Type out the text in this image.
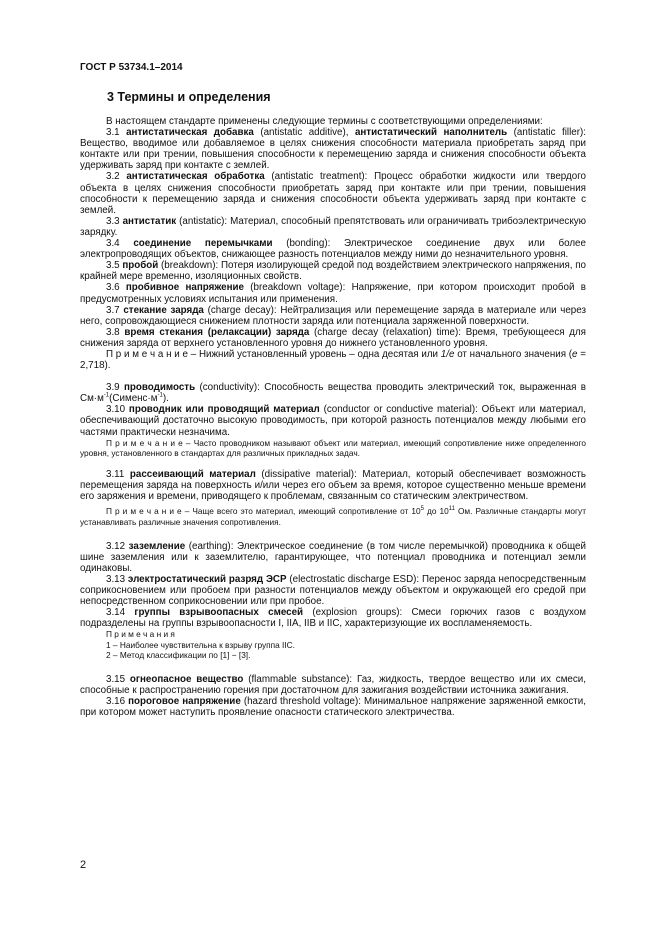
ГОСТ Р 53734.1–2014
3 Термины и определения

В настоящем стандарте применены следующие термины с соответствующими определениями:

3.1 антистатическая добавка (antistatic additive), антистатический наполнитель (antistatic filler): Вещество, вводимое или добавляемое в целях снижения способности материала приобретать заряд при контакте или при трении, повышения способности к перемещению заряда и снижения способности объекта удерживать заряд при контакте с землей.

3.2 антистатическая обработка (antistatic treatment): Процесс обработки жидкости или твердого объекта в целях снижения способности приобретать заряд при контакте или при трении, повышения способности к перемещению заряда и снижения способности объекта удерживать заряд при контакте с землей.

3.3 антистатик (antistatic): Материал, способный препятствовать или ограничивать трибоэлектрическую зарядку.

3.4 соединение перемычками (bonding): Электрическое соединение двух или более электропроводящих объектов, снижающее разность потенциалов между ними до незначительного уровня.

3.5 пробой (breakdown): Потеря изолирующей средой под воздействием электрического напряжения, по крайней мере временно, изоляционных свойств.

3.6 пробивное напряжение (breakdown voltage): Напряжение, при котором происходит пробой в предусмотренных условиях испытания или применения.

3.7 стекание заряда (charge decay): Нейтрализация или перемещение заряда в материале или через него, сопровождающиеся снижением плотности заряда или потенциала заряженной поверхности.

3.8 время стекания (релаксации) заряда (charge decay (relaxation) time): Время, требующееся для снижения заряда от верхнего установленного уровня до нижнего установленного уровня.

П р и м е ч а н и е – Нижний установленный уровень – одна десятая или 1/e от начального значения (e = 2,718).

3.9 проводимость (conductivity): Способность вещества проводить электрический ток, выраженная в $См\cdot м^{-1}(Сименс\cdot м^{-1})$.

3.10 проводник или проводящий материал (conductor or conductive material): Объект или материал, обеспечивающий достаточно высокую проводимость, при которой разность потенциалов между любыми его частями практически незначима.

П р и м е ч а н и е – Часто проводником называют объект или материал, имеющий сопротивление ниже определенного уровня, установленного в стандартах для различных прикладных задач.

3.11 рассеивающий материал (dissipative material): Материал, который обеспечивает возможность перемещения заряда на поверхность и/или через его объем за время, которое существенно меньше времени его заряжения и времени, приводящего к проблемам, связанным со статическим электричеством.

П р и м е ч а н и е – Чаще всего это материал, имеющий сопротивление от $10^5$ до $10^{11}$ Ом. Различные стандарты могут устанавливать различные значения сопротивления.

3.12 заземление (earthing): Электрическое соединение (в том числе перемычкой) проводника к общей шине заземления или к заземлителю, гарантирующее, что потенциал проводника и потенциал земли одинаковы.

3.13 электростатический разряд ЭСР (electrostatic discharge ESD): Перенос заряда непосредственным соприкосновением или пробоем при разности потенциалов между объектом и окружающей его средой при непосредственном соприкосновении или при пробое.

3.14 группы взрывоопасных смесей (explosion groups): Смеси горючих газов с воздухом подразделены на группы взрывоопасности I, IIA, IIB и IIC, характеризующие их воспламеняемость.

П р и м е ч а н и я
1 – Наиболее чувствительна к взрыву группа IIC.
2 – Метод классификации по [1] − [3].

3.15 огнеопасное вещество (flammable substance): Газ, жидкость, твердое вещество или их смеси, способные к распространению горения при достаточном для зажигания воздействии источника зажигания.

3.16 пороговое напряжение (hazard threshold voltage): Минимальное напряжение заряженной емкости, при котором может наступить проявление опасности статического электричества.

2
